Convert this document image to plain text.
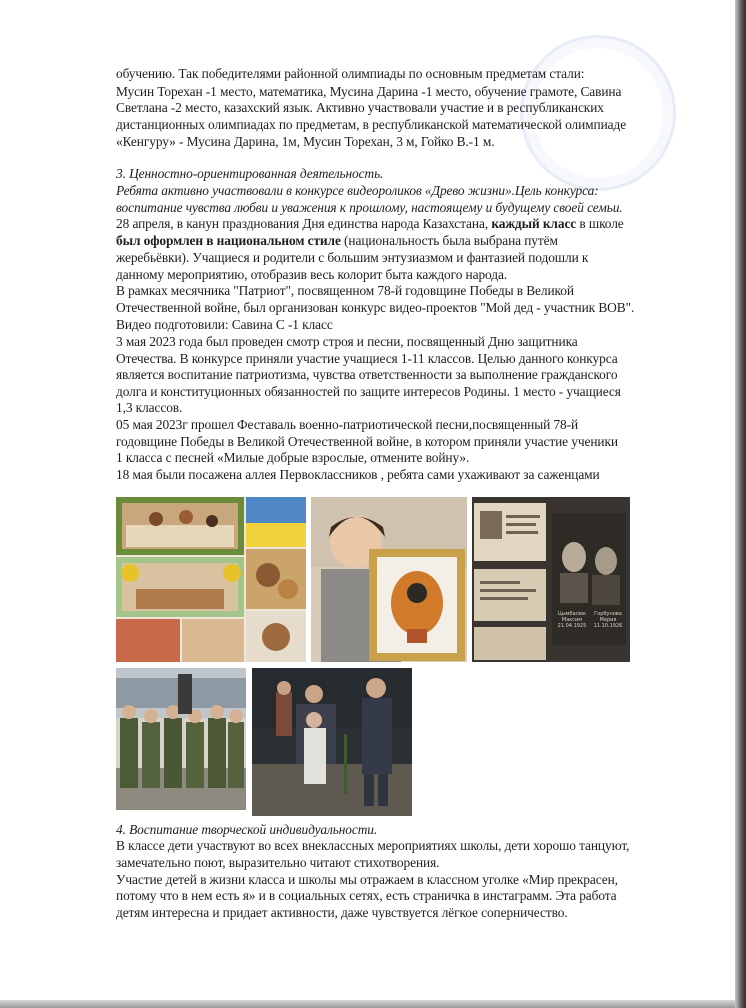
обучению. Так победителями районной олимпиады по основным предметам стали:
Мусин Торехан -1 место, математика, Мусина Дарина -1 место, обучение грамоте, Савина
Светлана -2 место, казахский язык. Активно участвовали участие и в республиканских
дистанционных олимпиадах по предметам, в республиканской математической олимпиаде
«Кенгуру» - Мусина Дарина, 1м, Мусин Торехан, 3 м, Гойко В.-1 м.
3. Ценностно-ориентированная деятельность.
Ребята активно участвовали в конкурсе видеороликов «Древо жизни».Цель конкурса:
воспитание чувства любви и уважения к прошлому, настоящему и будущему своей семьи.
28 апреля, в канун празднования Дня единства народа Казахстана, каждый класс в школе
был оформлен в национальном стиле (национальность была выбрана путём
жеребьёвки). Учащиеся и родители с большим энтузиазмом и фантазией подошли к
данному мероприятию, отобразив весь колорит быта каждого народа.
В рамках месячника "Патриот", посвященном 78-й годовщине Победы в Великой
Отечественной войне, был организован конкурс видео-проектов "Мой дед - участник ВОВ".
Видео подготовили: Савина С -1 класс
3 мая 2023 года был проведен смотр строя и песни, посвященный Дню защитника
Отечества. В конкурсе приняли участие учащиеся 1-11 классов. Целью данного конкурса
является воспитание патриотизма, чувства ответственности за выполнение гражданского
долга и конституционных обязанностей по защите интересов Родины. 1 место - учащиеся
1,3 классов.
05 мая 2023г прошел Феставаль военно-патриотической песни,посвященный 78-й
годовщине Победы в Великой Отечественной войне, в котором приняли участие ученики
1 класса с песней «Милые добрые взрослые, отмените войну».
18 мая были посажена аллея Первоклассников , ребята сами ухаживают за саженцами
Цымбалюк
Максим
21.04.1925
Горбунова
Мария
11.10.1926
4. Воспитание творческой индивидуальности.
В классе дети участвуют во всех внеклассных мероприятиях школы, дети хорошо танцуют,
замечательно поют, выразительно читают стихотворения.
Участие детей в жизни класса и школы мы отражаем в классном уголке «Мир прекрасен,
потому что в нем есть я» и в социальных сетях, есть страничка в инстаграмм. Эта работа
детям интересна и придает активности, даже чувствуется лёгкое соперничество.
